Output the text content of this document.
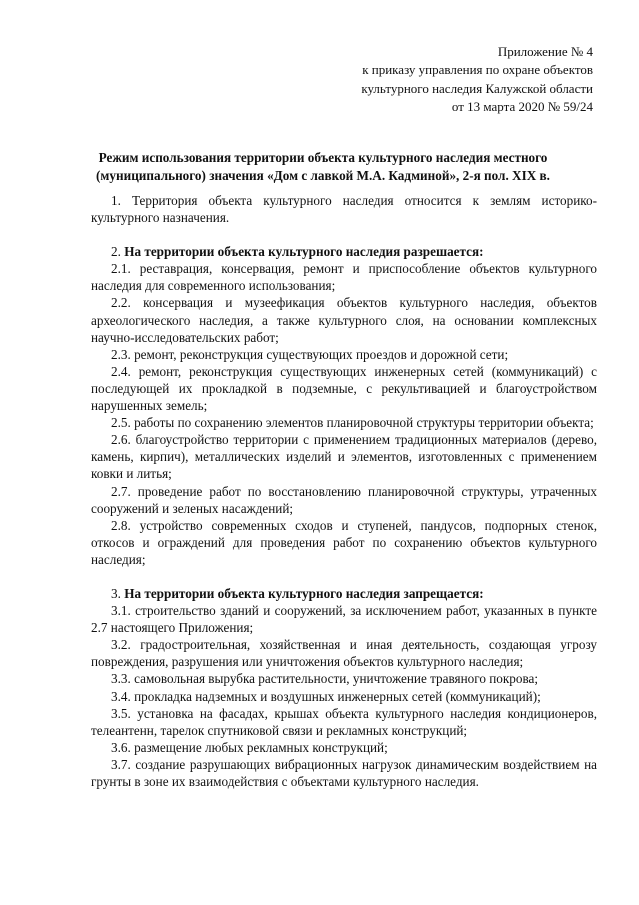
Приложение № 4
к приказу управления по охране объектов
культурного наследия Калужской области
от 13 марта 2020 № 59/24
Режим использования территории объекта культурного наследия местного
(муниципального) значения «Дом с лавкой М.А. Кадминой», 2-я пол. XIX в.

1. Территория объекта культурного наследия относится к землям историко-культурного назначения.

2. На территории объекта культурного наследия разрешается:

2.1. реставрация, консервация, ремонт и приспособление объектов культурного наследия для современного использования;

2.2. консервация и музеефикация объектов культурного наследия, объектов археологического наследия, а также культурного слоя, на основании комплексных научно-исследовательских работ;

2.3. ремонт, реконструкция существующих проездов и дорожной сети;

2.4. ремонт, реконструкция существующих инженерных сетей (коммуникаций) с последующей их прокладкой в подземные, с рекультивацией и благоустройством нарушенных земель;

2.5. работы по сохранению элементов планировочной структуры территории объекта;

2.6. благоустройство территории с применением традиционных материалов (дерево, камень, кирпич), металлических изделий и элементов, изготовленных с применением ковки и литья;

2.7. проведение работ по восстановлению планировочной структуры, утраченных сооружений и зеленых насаждений;

2.8. устройство современных сходов и ступеней, пандусов, подпорных стенок, откосов и ограждений для проведения работ по сохранению объектов культурного наследия;

3. На территории объекта культурного наследия запрещается:

3.1. строительство зданий и сооружений, за исключением работ, указанных в пункте 2.7 настоящего Приложения;

3.2. градостроительная, хозяйственная и иная деятельность, создающая угрозу повреждения, разрушения или уничтожения объектов культурного наследия;

3.3. самовольная вырубка растительности, уничтожение травяного покрова;

3.4. прокладка надземных и воздушных инженерных сетей (коммуникаций);

3.5. установка на фасадах, крышах объекта культурного наследия кондиционеров, телеантенн, тарелок спутниковой связи и рекламных конструкций;

3.6. размещение любых рекламных конструкций;

3.7. создание разрушающих вибрационных нагрузок динамическим воздействием на грунты в зоне их взаимодействия с объектами культурного наследия.
